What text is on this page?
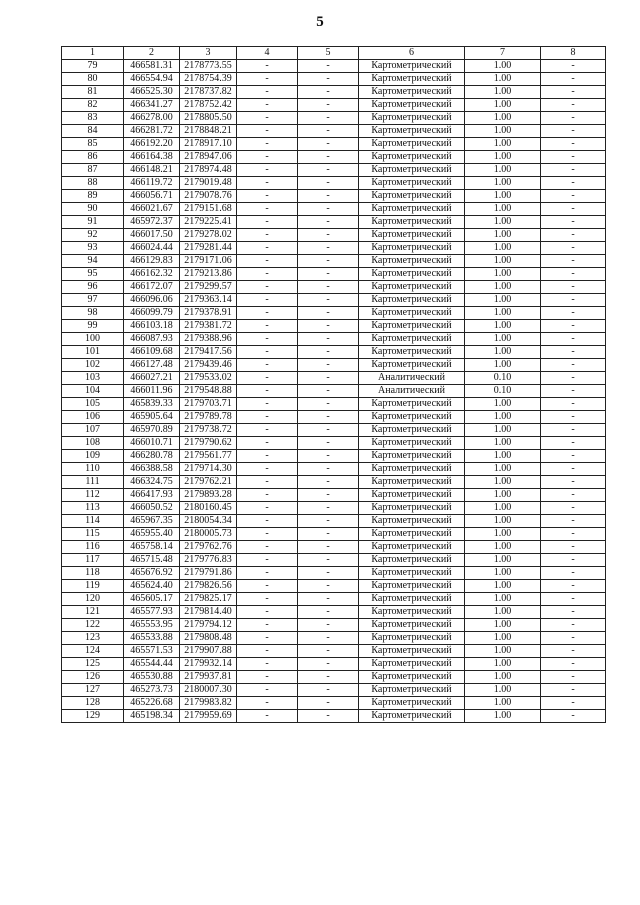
5
1	2	3	4	5	6	7	8
79	466581.31	2178773.55	-	-	Картометрический	1.00	-
80	466554.94	2178754.39	-	-	Картометрический	1.00	-
81	466525.30	2178737.82	-	-	Картометрический	1.00	-
82	466341.27	2178752.42	-	-	Картометрический	1.00	-
83	466278.00	2178805.50	-	-	Картометрический	1.00	-
84	466281.72	2178848.21	-	-	Картометрический	1.00	-
85	466192.20	2178917.10	-	-	Картометрический	1.00	-
86	466164.38	2178947.06	-	-	Картометрический	1.00	-
87	466148.21	2178974.48	-	-	Картометрический	1.00	-
88	466119.72	2179019.48	-	-	Картометрический	1.00	-
89	466056.71	2179078.76	-	-	Картометрический	1.00	-
90	466021.67	2179151.68	-	-	Картометрический	1.00	-
91	465972.37	2179225.41	-	-	Картометрический	1.00	-
92	466017.50	2179278.02	-	-	Картометрический	1.00	-
93	466024.44	2179281.44	-	-	Картометрический	1.00	-
94	466129.83	2179171.06	-	-	Картометрический	1.00	-
95	466162.32	2179213.86	-	-	Картометрический	1.00	-
96	466172.07	2179299.57	-	-	Картометрический	1.00	-
97	466096.06	2179363.14	-	-	Картометрический	1.00	-
98	466099.79	2179378.91	-	-	Картометрический	1.00	-
99	466103.18	2179381.72	-	-	Картометрический	1.00	-
100	466087.93	2179388.96	-	-	Картометрический	1.00	-
101	466109.68	2179417.56	-	-	Картометрический	1.00	-
102	466127.48	2179439.46	-	-	Картометрический	1.00	-
103	466027.21	2179533.02	-	-	Аналитический	0.10	-
104	466011.96	2179548.88	-	-	Аналитический	0.10	-
105	465839.33	2179703.71	-	-	Картометрический	1.00	-
106	465905.64	2179789.78	-	-	Картометрический	1.00	-
107	465970.89	2179738.72	-	-	Картометрический	1.00	-
108	466010.71	2179790.62	-	-	Картометрический	1.00	-
109	466280.78	2179561.77	-	-	Картометрический	1.00	-
110	466388.58	2179714.30	-	-	Картометрический	1.00	-
111	466324.75	2179762.21	-	-	Картометрический	1.00	-
112	466417.93	2179893.28	-	-	Картометрический	1.00	-
113	466050.52	2180160.45	-	-	Картометрический	1.00	-
114	465967.35	2180054.34	-	-	Картометрический	1.00	-
115	465955.40	2180005.73	-	-	Картометрический	1.00	-
116	465758.14	2179762.76	-	-	Картометрический	1.00	-
117	465715.48	2179776.83	-	-	Картометрический	1.00	-
118	465676.92	2179791.86	-	-	Картометрический	1.00	-
119	465624.40	2179826.56	-	-	Картометрический	1.00	-
120	465605.17	2179825.17	-	-	Картометрический	1.00	-
121	465577.93	2179814.40	-	-	Картометрический	1.00	-
122	465553.95	2179794.12	-	-	Картометрический	1.00	-
123	465533.88	2179808.48	-	-	Картометрический	1.00	-
124	465571.53	2179907.88	-	-	Картометрический	1.00	-
125	465544.44	2179932.14	-	-	Картометрический	1.00	-
126	465530.88	2179937.81	-	-	Картометрический	1.00	-
127	465273.73	2180007.30	-	-	Картометрический	1.00	-
128	465226.68	2179983.82	-	-	Картометрический	1.00	-
129	465198.34	2179959.69	-	-	Картометрический	1.00	-
